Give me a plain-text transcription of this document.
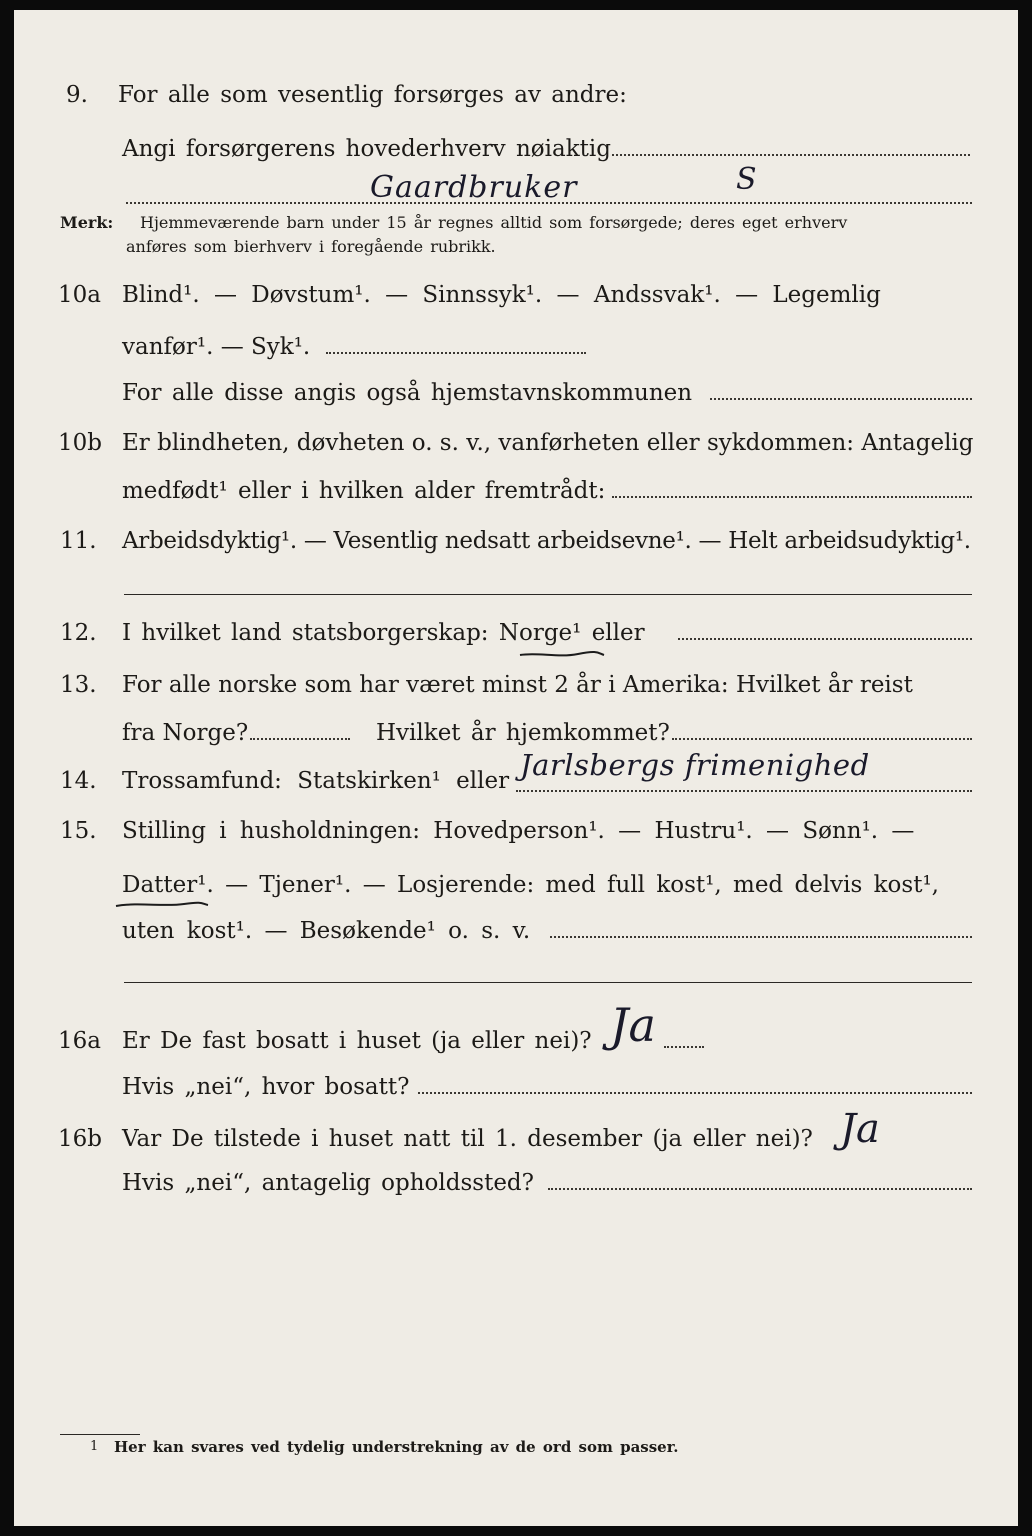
9. For alle som vesentlig forsørges av andre:
Angi forsørgerens hovederhverv nøiaktig
Gaardbruker	S
Merk: Hjemmeværende barn under 15 år regnes alltid som forsørgede; deres eget erhverv
anføres som bierhverv i foregående rubrikk.
10a Blind¹. — Døvstum¹. — Sinnssyk¹. — Andssvak¹. — Legemlig
vanfør¹. — Syk¹.
For alle disse angis også hjemstavnskommunen
10b Er blindheten, døvheten o. s. v., vanførheten eller sykdommen: Antagelig
medfødt¹ eller i hvilken alder fremtrådt:
11. Arbeidsdyktig¹. — Vesentlig nedsatt arbeidsevne¹. — Helt arbeidsudyktig¹.
12. I hvilket land statsborgerskap: Norge¹ eller
13. For alle norske som har været minst 2 år i Amerika: Hvilket år reist
fra Norge?	Hvilket år hjemkommet?
14. Trossamfund: Statskirken¹ eller Jarlsbergs frimenighed
15. Stilling i husholdningen: Hovedperson¹. — Hustru¹. — Sønn¹. —
Datter¹. — Tjener¹. — Losjerende: med full kost¹, med delvis kost¹,
uten kost¹. — Besøkende¹ o. s. v.
16a Er De fast bosatt i huset (ja eller nei)? Ja
Hvis „nei“, hvor bosatt?
16b Var De tilstede i huset natt til 1. desember (ja eller nei)? Ja
Hvis „nei“, antagelig opholdssted?
1 Her kan svares ved tydelig understrekning av de ord som passer.
